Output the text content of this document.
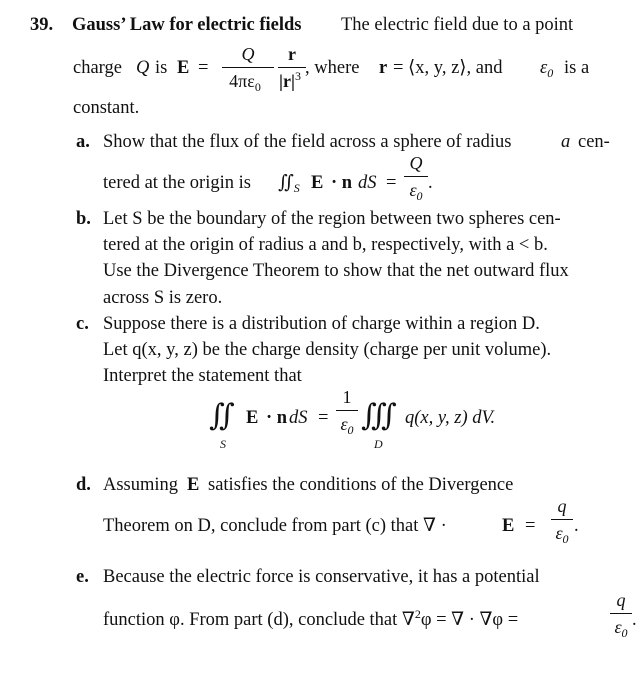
39. Gauss’ Law for electric fields The electric field due to a point
charge Q is E =
Q
$4\pi\varepsilon_0$
r
$|r|^3$ , where r = ⟨x, y, z⟩, and $\varepsilon_0$ is a
constant.
a. Show that the flux of the field across a sphere of radius	a cen-
tered at the origin is $∬_S$ E · n dS =
Q
$\varepsilon_0$
.
b. Let S be the boundary of the region between two spheres cen-
tered at the origin of radius a and b, respectively, with a < b.
Use the Divergence Theorem to show that the net outward flux
across S is zero.
c. Suppose there is a distribution of charge within a region D.
Let q(x, y, z) be the charge density (charge per unit volume).
Interpret the statement that
∬
S
E · n dS =
1
$\varepsilon_0$ ∭
D
q(x, y, z) dV.
d. Assuming E satisfies the conditions of the Divergence
Theorem on D, conclude from part (c) that ∇ ·	E =
q
$\varepsilon_0$
.
e. Because the electric force is conservative, it has a potential
function φ. From part (d), conclude that ∇$^2$φ = ∇ · ∇φ =
q
$\varepsilon_0$
.
